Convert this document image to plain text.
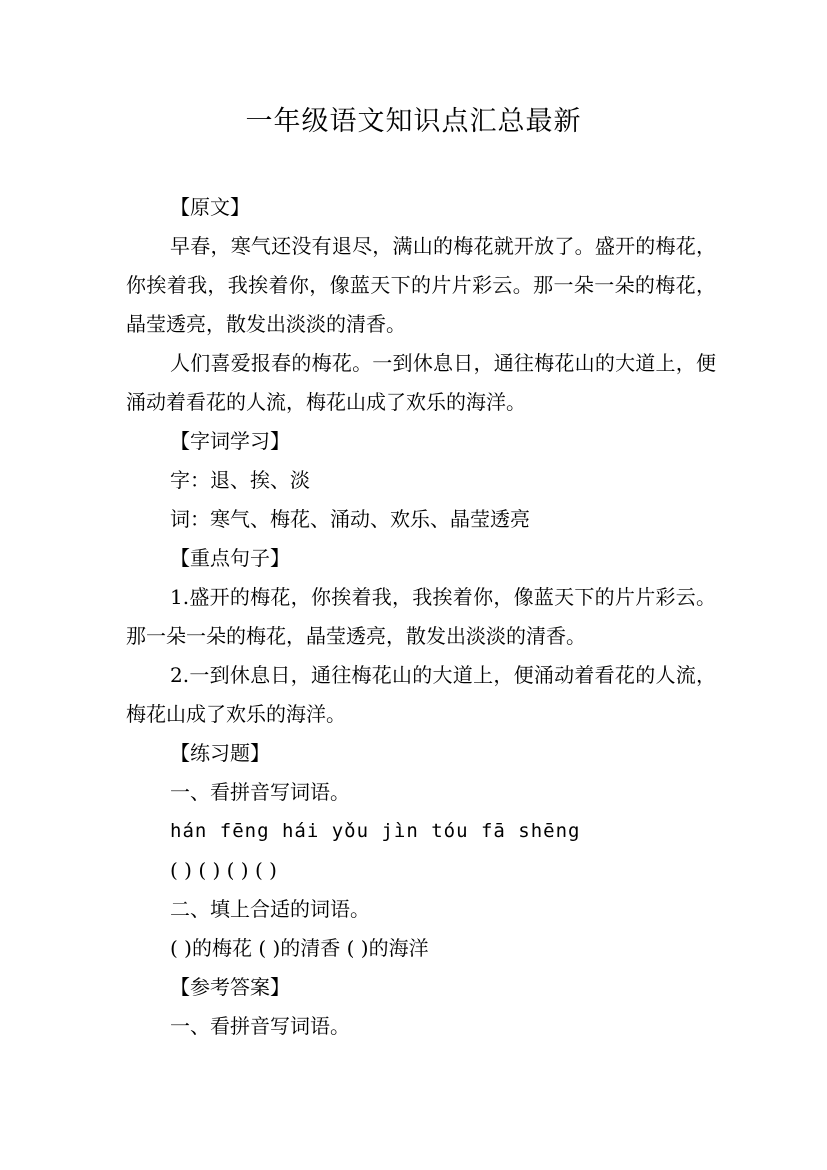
一年级语文知识点汇总最新

【原文】

早春，寒气还没有退尽，满山的梅花就开放了。盛开的梅花，你挨着我，我挨着你，像蓝天下的片片彩云。那一朵一朵的梅花，晶莹透亮，散发出淡淡的清香。

人们喜爱报春的梅花。一到休息日，通往梅花山的大道上，便涌动着看花的人流，梅花山成了欢乐的海洋。

【字词学习】

字：退、挨、淡

词：寒气、梅花、涌动、欢乐、晶莹透亮

【重点句子】

1.盛开的梅花，你挨着我，我挨着你，像蓝天下的片片彩云。那一朵一朵的梅花，晶莹透亮，散发出淡淡的清香。

2.一到休息日，通往梅花山的大道上，便涌动着看花的人流，梅花山成了欢乐的海洋。

【练习题】

一、看拼音写词语。

hán fēng hái yǒu jìn tóu fā shēng

( ) ( ) ( ) ( )

二、填上合适的词语。

( )的梅花 ( )的清香 ( )的海洋

【参考答案】

一、看拼音写词语。
